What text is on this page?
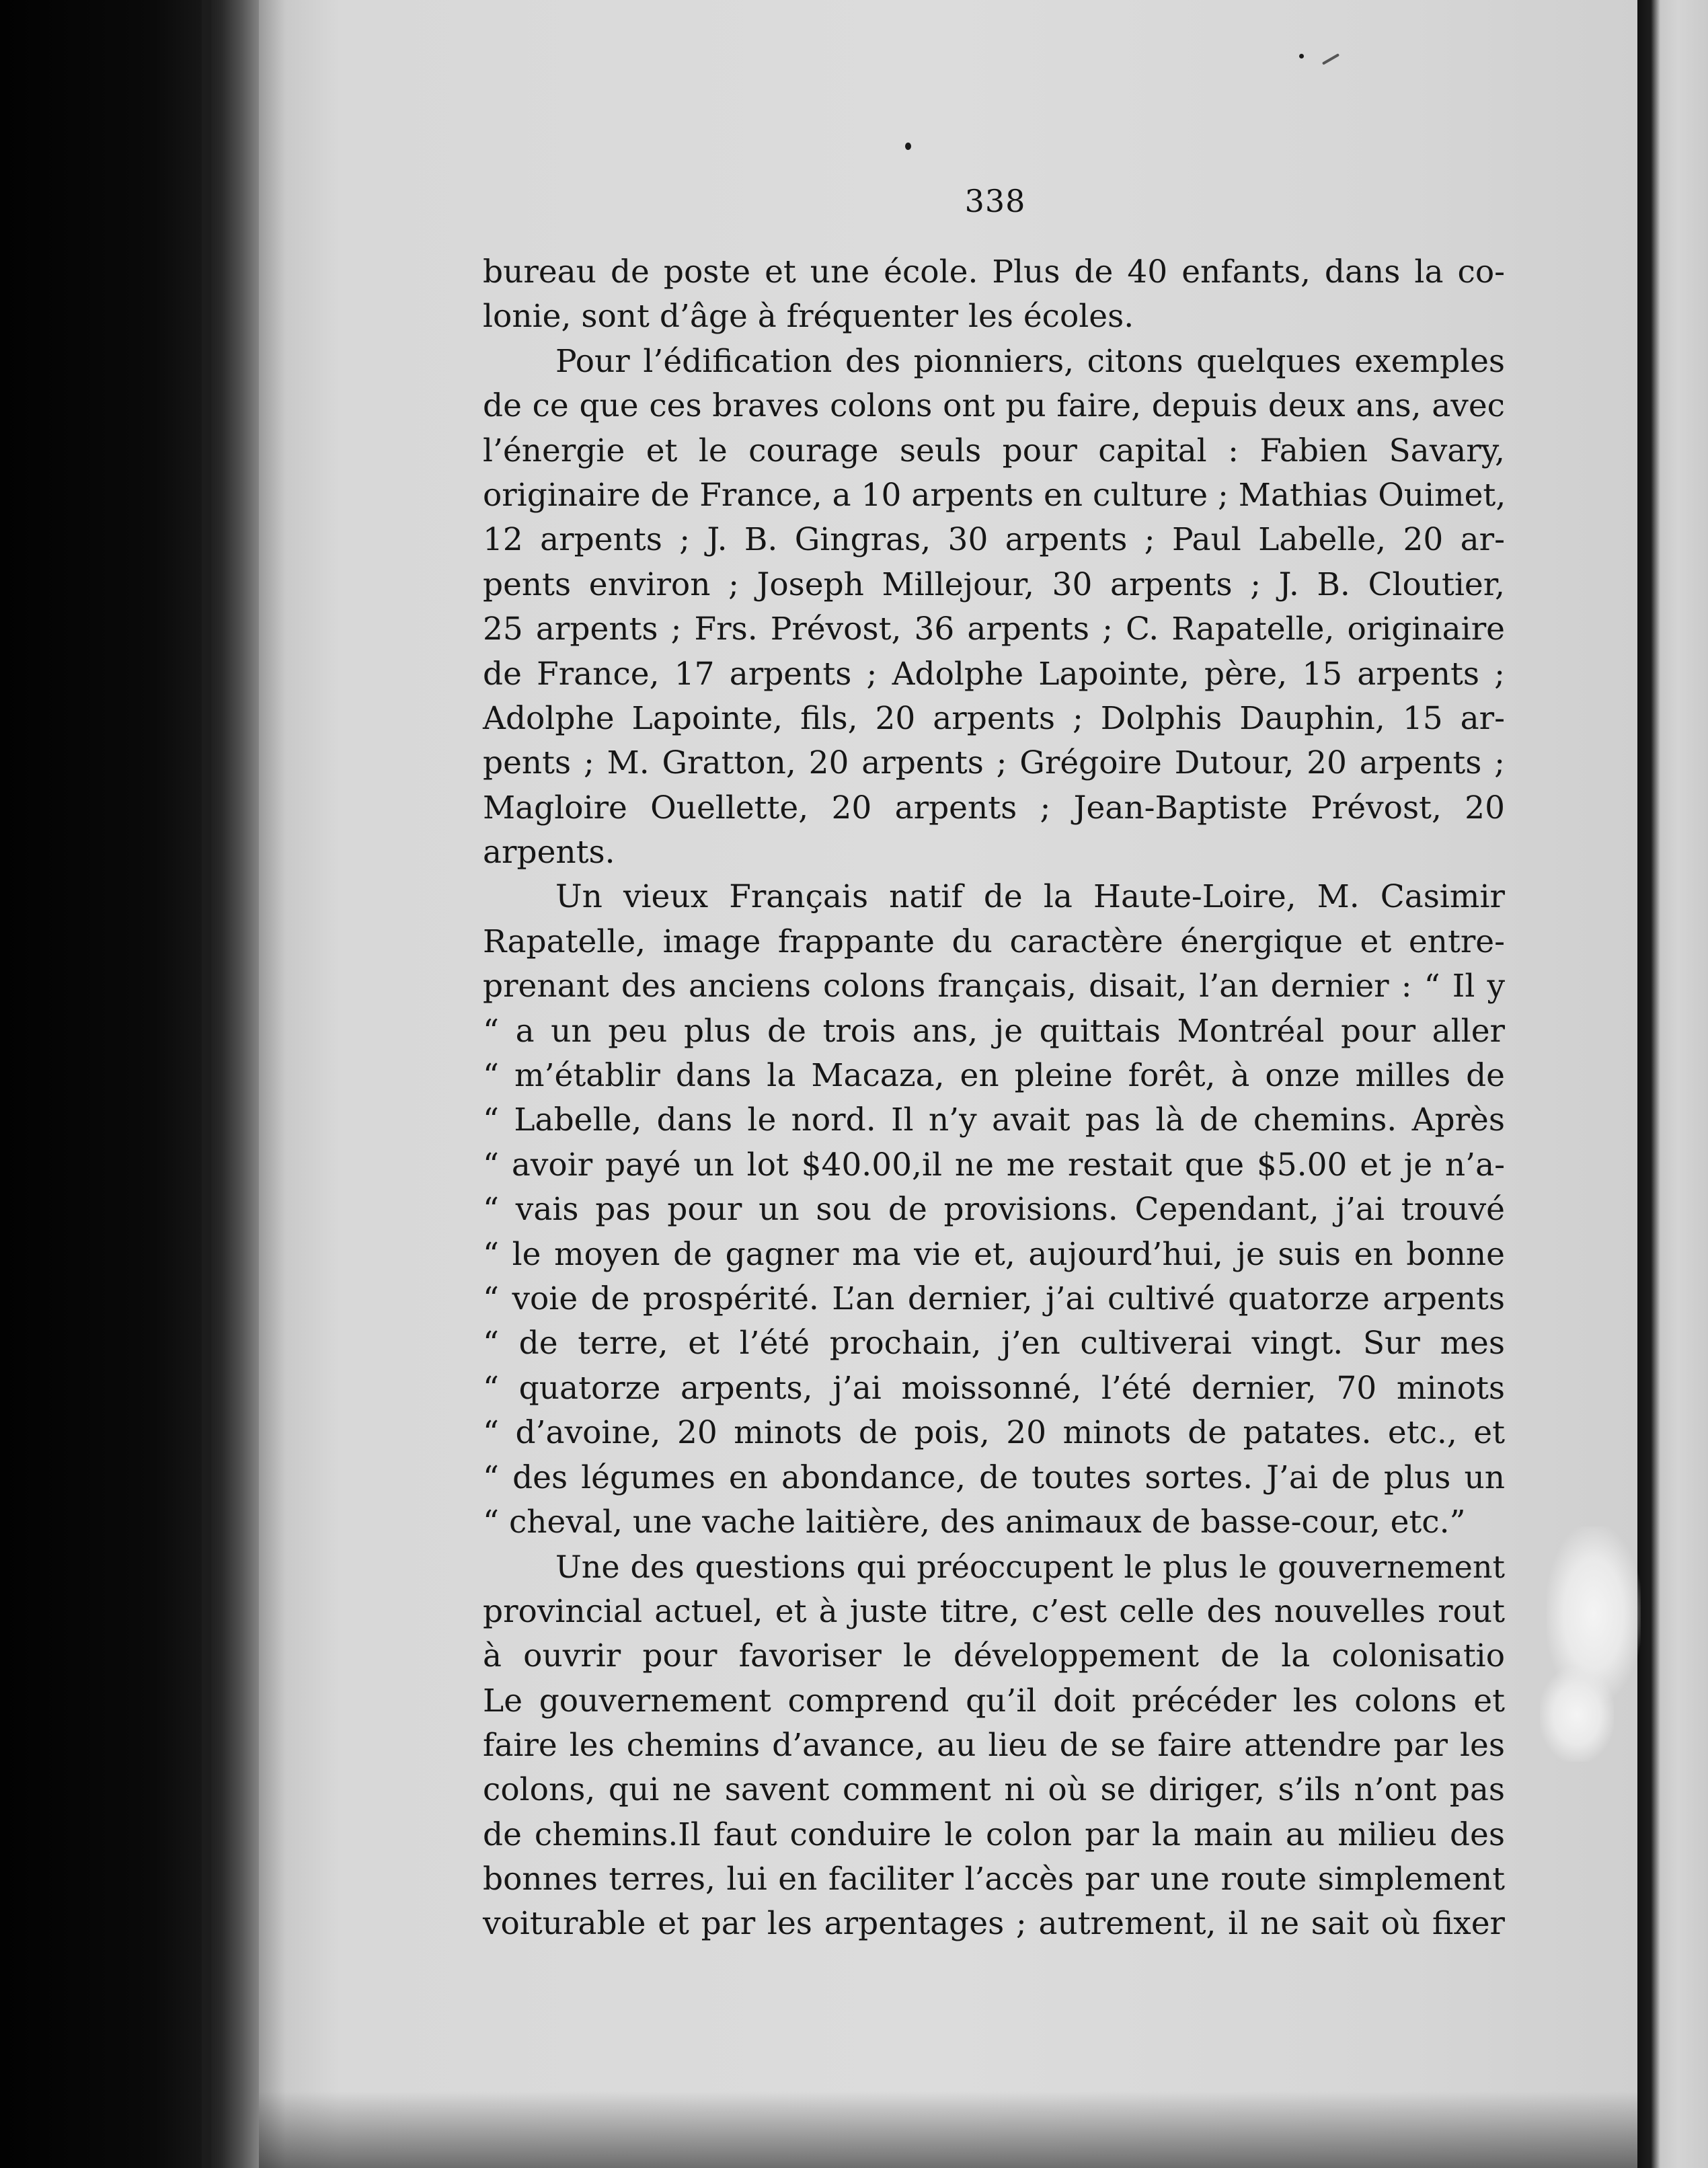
338
bureau de poste et une école. Plus de 40 enfants, dans la co-
lonie, sont d’âge à fréquenter les écoles.
Pour l’édification des pionniers, citons quelques exemples
de ce que ces braves colons ont pu faire, depuis deux ans, avec
l’énergie et le courage seuls pour capital : Fabien Savary,
originaire de France, a 10 arpents en culture ; Mathias Ouimet,
12 arpents ; J. B. Gingras, 30 arpents ; Paul Labelle, 20 ar-
pents environ ; Joseph Millejour, 30 arpents ; J. B. Cloutier,
25 arpents ; Frs. Prévost, 36 arpents ; C. Rapatelle, originaire
de France, 17 arpents ; Adolphe Lapointe, père, 15 arpents ;
Adolphe Lapointe, fils, 20 arpents ; Dolphis Dauphin, 15 ar-
pents ; M. Gratton, 20 arpents ; Grégoire Dutour, 20 arpents ;
Magloire Ouellette, 20 arpents ; Jean-Baptiste Prévost, 20
arpents.
Un vieux Français natif de la Haute-Loire, M. Casimir
Rapatelle, image frappante du caractère énergique et entre-
prenant des anciens colons français, disait, l’an dernier : “ Il y
“ a un peu plus de trois ans, je quittais Montréal pour aller
“ m’établir dans la Macaza, en pleine forêt, à onze milles de
“ Labelle, dans le nord. Il n’y avait pas là de chemins. Après
“ avoir payé un lot $40.00,il ne me restait que $5.00 et je n’a-
“ vais pas pour un sou de provisions. Cependant, j’ai trouvé
“ le moyen de gagner ma vie et, aujourd’hui, je suis en bonne
“ voie de prospérité. L’an dernier, j’ai cultivé quatorze arpents
“ de terre, et l’été prochain, j’en cultiverai vingt. Sur mes
“ quatorze arpents, j’ai moissonné, l’été dernier, 70 minots
“ d’avoine, 20 minots de pois, 20 minots de patates. etc., et
“ des légumes en abondance, de toutes sortes. J’ai de plus un
“ cheval, une vache laitière, des animaux de basse-cour, etc.”
Une des questions qui préoccupent le plus le gouvernement
provincial actuel, et à juste titre, c’est celle des nouvelles rout
à ouvrir pour favoriser le développement de la colonisatio
Le gouvernement comprend qu’il doit précéder les colons et
faire les chemins d’avance, au lieu de se faire attendre par les
colons, qui ne savent comment ni où se diriger, s’ils n’ont pas
de chemins.Il faut conduire le colon par la main au milieu des
bonnes terres, lui en faciliter l’accès par une route simplement
voiturable et par les arpentages ; autrement, il ne sait où fixer
